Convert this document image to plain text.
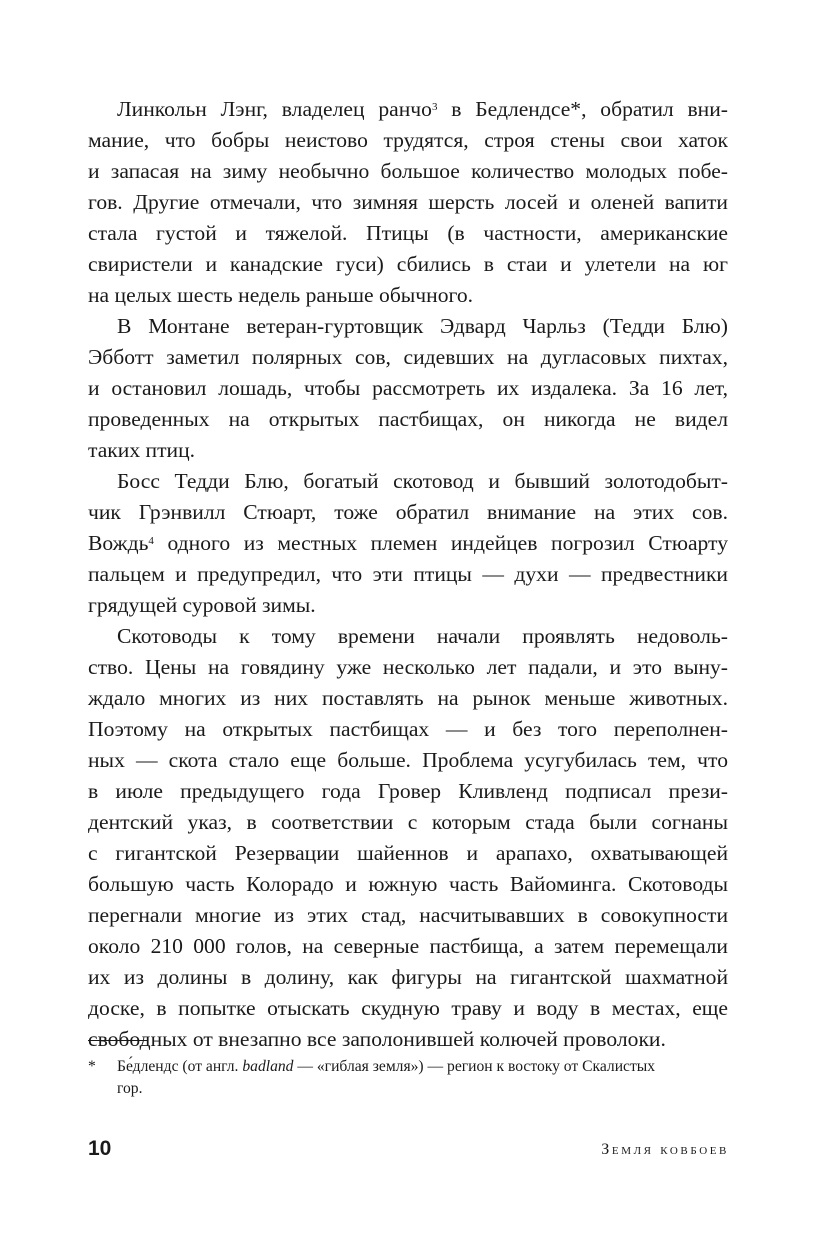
Линкольн Лэнг, владелец ранчо$^3$ в Бедлендсе*, обратил вни-
мание, что бобры неистово трудятся, строя стены свои хаток
и запасая на зиму необычно большое количество молодых побе-
гов. Другие отмечали, что зимняя шерсть лосей и оленей вапити
стала густой и тяжелой. Птицы (в частности, американские
свиристели и канадские гуси) сбились в стаи и улетели на юг
на целых шесть недель раньше обычного.

В Монтане ветеран-гуртовщик Эдвард Чарльз (Тедди Блю)
Эбботт заметил полярных сов, сидевших на дугласовых пихтах,
и остановил лошадь, чтобы рассмотреть их издалека. За 16 лет,
проведенных на открытых пастбищах, он никогда не видел
таких птиц.

Босс Тедди Блю, богатый скотовод и бывший золотодобыт-
чик Грэнвилл Стюарт, тоже обратил внимание на этих сов.
Вождь$^4$ одного из местных племен индейцев погрозил Стюарту
пальцем и предупредил, что эти птицы — духи — предвестники
грядущей суровой зимы.

Скотоводы к тому времени начали проявлять недоволь-
ство. Цены на говядину уже несколько лет падали, и это выну-
ждало многих из них поставлять на рынок меньше животных.
Поэтому на открытых пастбищах — и без того переполнен-
ных — скота стало еще больше. Проблема усугубилась тем, что
в июле предыдущего года Гровер Кливленд подписал прези-
дентский указ, в соответствии с которым стада были согнаны
с гигантской Резервации шайеннов и арапахо, охватывающей
большую часть Колорадо и южную часть Вайоминга. Скотоводы
перегнали многие из этих стад, насчитывавших в совокупности
около 210 000 голов, на северные пастбища, а затем перемещали
их из долины в долину, как фигуры на гигантской шахматной
доске, в попытке отыскать скудную траву и воду в местах, еще
свободных от внезапно все заполонившей колючей проволоки.

*	Бе́длендс (от англ. badland — «гиблая земля») — регион к востоку от Скалистых
гор.
10	Земля ковбоев
